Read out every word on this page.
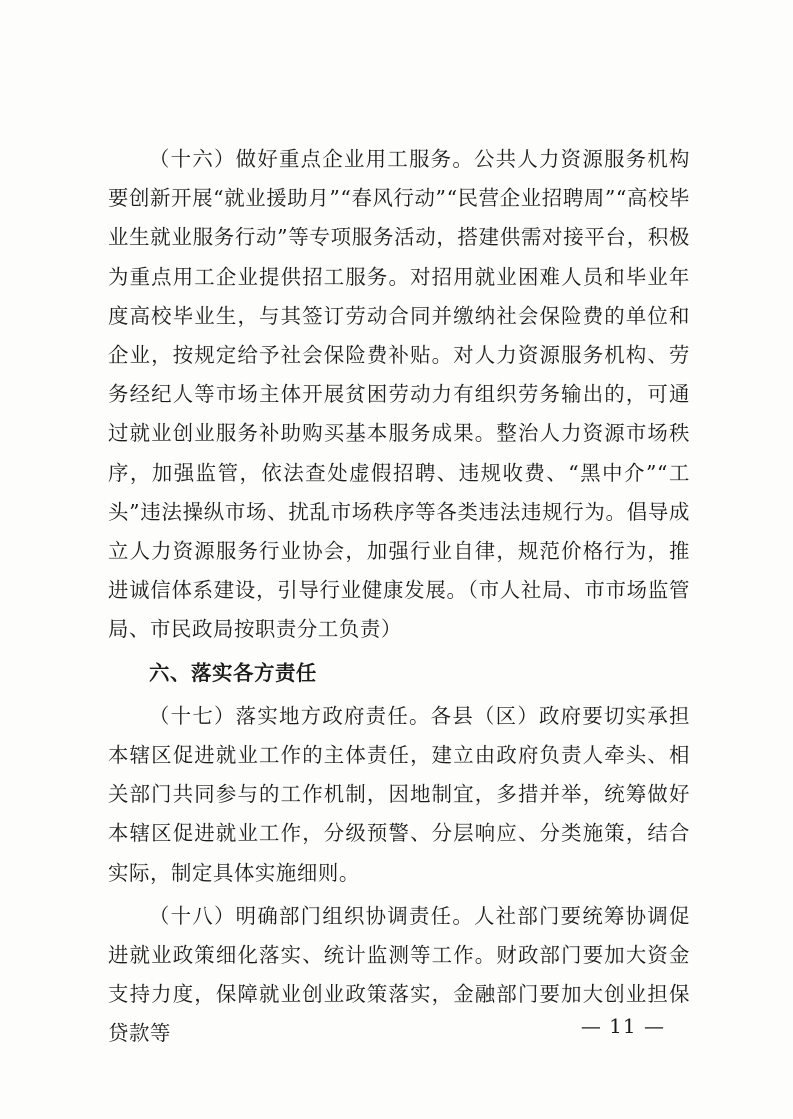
（十六）做好重点企业用工服务。公共人力资源服务机构要创新开展“就业援助月”“春风行动”“民营企业招聘周”“高校毕业生就业服务行动”等专项服务活动，搭建供需对接平台，积极为重点用工企业提供招工服务。对招用就业困难人员和毕业年度高校毕业生，与其签订劳动合同并缴纳社会保险费的单位和企业，按规定给予社会保险费补贴。对人力资源服务机构、劳务经纪人等市场主体开展贫困劳动力有组织劳务输出的，可通过就业创业服务补助购买基本服务成果。整治人力资源市场秩序，加强监管，依法查处虚假招聘、违规收费、“黑中介”“工头”违法操纵市场、扰乱市场秩序等各类违法违规行为。倡导成立人力资源服务行业协会，加强行业自律，规范价格行为，推进诚信体系建设，引导行业健康发展。（市人社局、市市场监管局、市民政局按职责分工负责）

六、落实各方责任

（十七）落实地方政府责任。各县（区）政府要切实承担本辖区促进就业工作的主体责任，建立由政府负责人牵头、相关部门共同参与的工作机制，因地制宜，多措并举，统筹做好本辖区促进就业工作，分级预警、分层响应、分类施策，结合实际，制定具体实施细则。

（十八）明确部门组织协调责任。人社部门要统筹协调促进就业政策细化落实、统计监测等工作。财政部门要加大资金支持力度，保障就业创业政策落实，金融部门要加大创业担保贷款等	— 11 —
